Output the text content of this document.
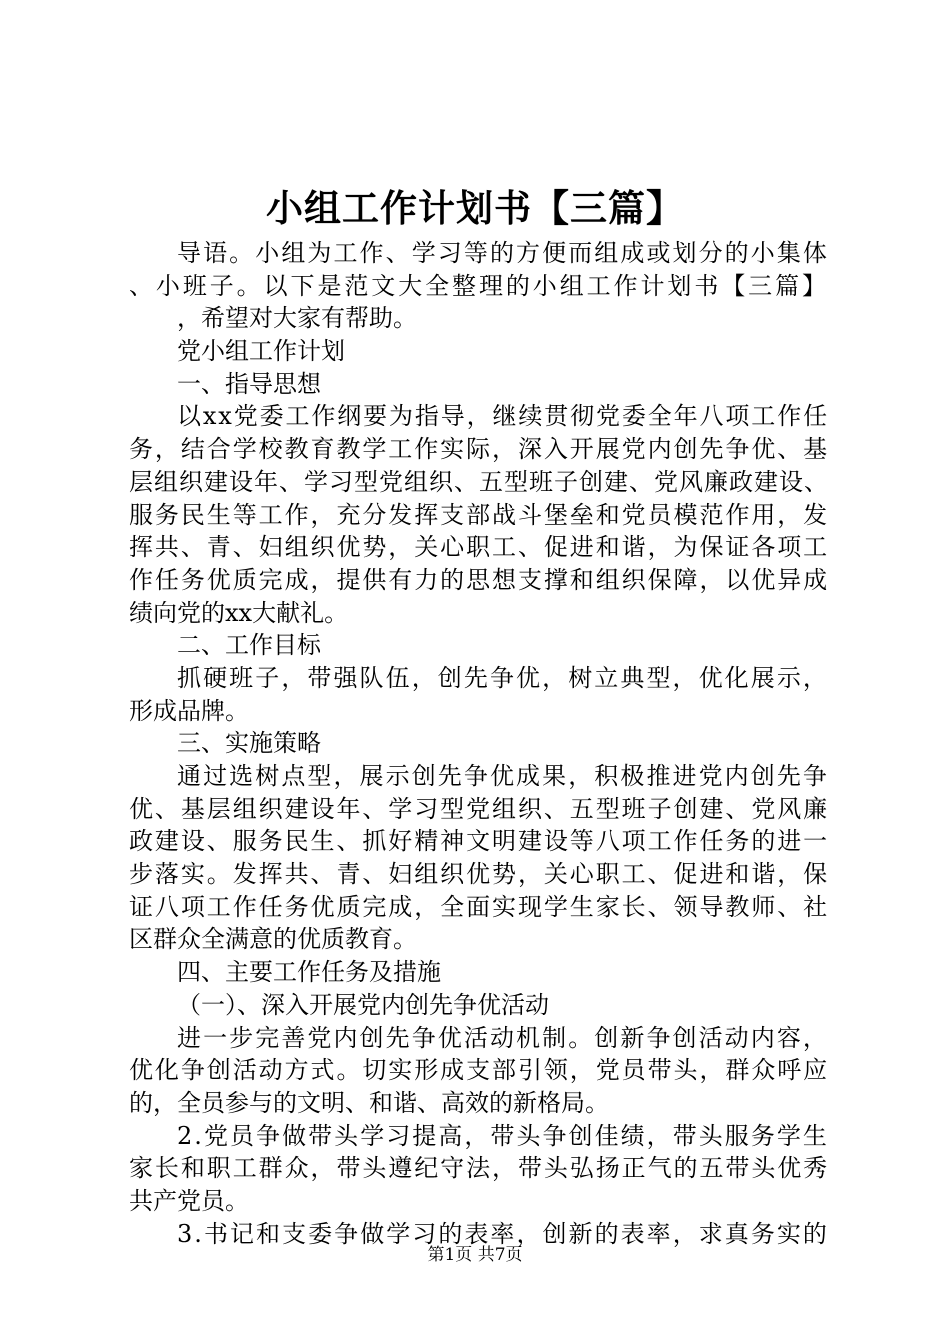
小组工作计划书【三篇】
导语。小组为工作、学习等的方便而组成或划分的小集体
、小班子。以下是范文大全整理的小组工作计划书【三篇】
，希望对大家有帮助。
党小组工作计划
一、指导思想
以xx党委工作纲要为指导，继续贯彻党委全年八项工作任
务，结合学校教育教学工作实际，深入开展党内创先争优、基
层组织建设年、学习型党组织、五型班子创建、党风廉政建设、
服务民生等工作，充分发挥支部战斗堡垒和党员模范作用，发
挥共、青、妇组织优势，关心职工、促进和谐，为保证各项工
作任务优质完成，提供有力的思想支撑和组织保障，以优异成
绩向党的xx大献礼。
二、工作目标
抓硬班子，带强队伍，创先争优，树立典型，优化展示，
形成品牌。
三、实施策略
通过选树点型，展示创先争优成果，积极推进党内创先争
优、基层组织建设年、学习型党组织、五型班子创建、党风廉
政建设、服务民生、抓好精神文明建设等八项工作任务的进一
步落实。发挥共、青、妇组织优势，关心职工、促进和谐，保
证八项工作任务优质完成，全面实现学生家长、领导教师、社
区群众全满意的优质教育。
四、主要工作任务及措施
（一）、深入开展党内创先争优活动
进一步完善党内创先争优活动机制。创新争创活动内容，
优化争创活动方式。切实形成支部引领，党员带头，群众呼应
的，全员参与的文明、和谐、高效的新格局。
2.党员争做带头学习提高，带头争创佳绩，带头服务学生
家长和职工群众，带头遵纪守法，带头弘扬正气的五带头优秀
共产党员。
3.书记和支委争做学习的表率，创新的表率，求真务实的
第1页 共7页
